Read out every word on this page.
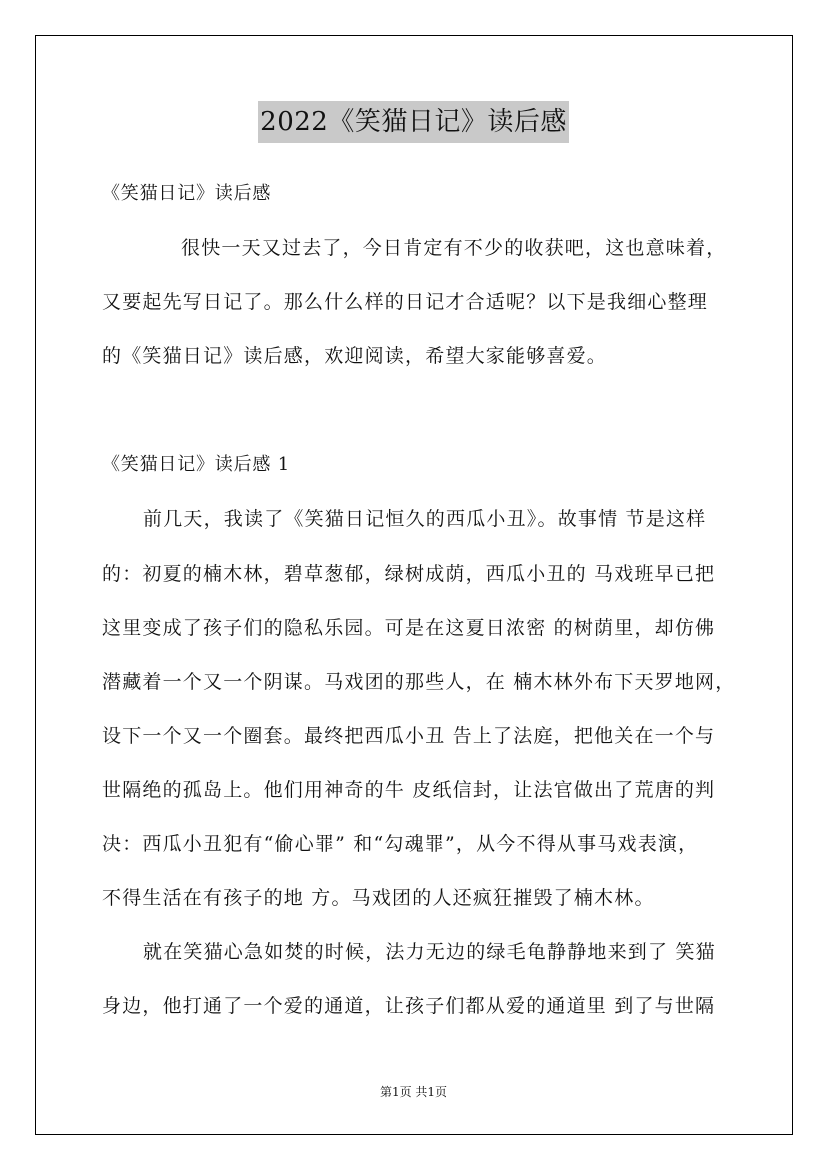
2022《笑猫日记》读后感
《笑猫日记》读后感
很快一天又过去了，今日肯定有不少的收获吧，这也意味着，
又要起先写日记了。那么什么样的日记才合适呢？以下是我细心整理
的《笑猫日记》读后感，欢迎阅读，希望大家能够喜爱。
《笑猫日记》读后感 1
前几天，我读了《笑猫日记恒久的西瓜小丑》。故事情 节是这样
的：初夏的楠木林，碧草葱郁，绿树成荫，西瓜小丑的 马戏班早已把
这里变成了孩子们的隐私乐园。可是在这夏日浓密 的树荫里，却仿佛
潜藏着一个又一个阴谋。马戏团的那些人，在 楠木林外布下天罗地网，
设下一个又一个圈套。最终把西瓜小丑 告上了法庭，把他关在一个与
世隔绝的孤岛上。他们用神奇的牛 皮纸信封，让法官做出了荒唐的判
决：西瓜小丑犯有“偷心罪” 和“勾魂罪”，从今不得从事马戏表演，
不得生活在有孩子的地 方。马戏团的人还疯狂摧毁了楠木林。
就在笑猫心急如焚的时候，法力无边的绿毛龟静静地来到了 笑猫
身边，他打通了一个爱的通道，让孩子们都从爱的通道里 到了与世隔
第1页 共1页
